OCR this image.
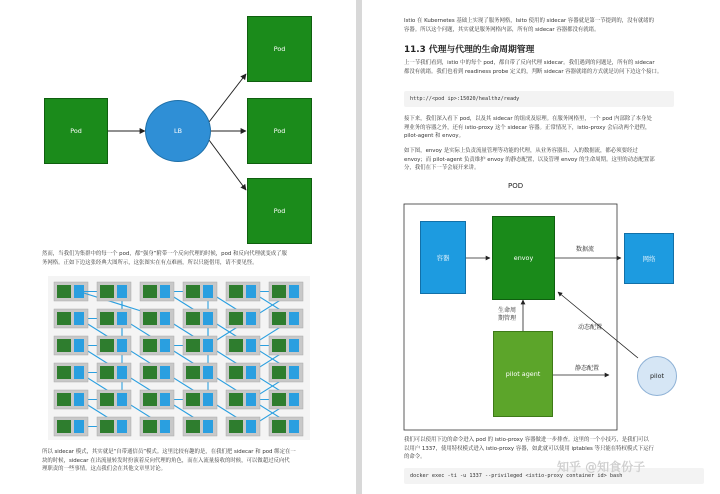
Pod	LB
Pod
Pod
Pod

然而，当我们为集群中的每一个 pod，都“强身”附带一个反向代理的时候，pod 和反向代理就变成了服

务网格。正如下边这张经典大图所示，这张图实在有点难画，所以只能借用，请不要见怪。

所以 sidecar 模式，其实就是“自带通信员”模式。这里比较有趣的是，在我们把 sidecar 和 pod 绑定在一

块的时候，sidecar 在出流量转发时扮演着反向代理的角色，而在入流量接收的时候，可以做超过反向代

理职责的一些事情。这点我们会在其他文章里讨论。

Istio 在 Kubernetes 基础上实现了服务网格，Isito 使用的 sidecar 容器就是第一节提到的，没有就绪的

容器。所以这个问题，其实就是服务网格内部，所有的 sidecar 容器都没有就绪。

11.3 代理与代理的生命周期管理

上一节我们看到，istio 中的每个 pod，都自带了反向代理 sidecar。我们遇到的问题是，所有的 sidecar

都没有就绪。我们也看到 readiness probe 定义的，判断 sidecar 容器就绪的方式就是访问下边这个接口。

http://<pod ip>:15020/healthz/ready

接下来，我们深入看下 pod，以及其 sidecar 的组成及原理。在服务网格里，一个 pod 内部除了本身处

理业务的容器之外，还有 istio-proxy 这个 sidecar 容器。正常情况下，istio-proxy 会启动两个进程，

pilot-agent 和 envoy。

如下图，envoy 是实际上负责流量管理等功能的代理，从业务容器出、入的数据流，都必须要经过

envoy；而 pilot-agent 负责维护 envoy 的静态配置，以及管理 envoy 的生命周期。这里的动态配置部

分，我们在下一节会展开来讲。

POD
容器	envoy	网络
pilot agent	pilot
数据流
生命周期管理
动态配置
静态配置

我们可以使用下边的命令进入 pod 的 istio-proxy 容器做进一步排查。这里的一个小技巧，是我们可以

以用户 1337，使用特权模式进入 istio-proxy 容器，如此就可以使用 iptables 等只能在特权模式下运行

的命令。

docker exec -ti -u 1337 --privileged <istio-proxy container id> bash
知乎 @知食份子
